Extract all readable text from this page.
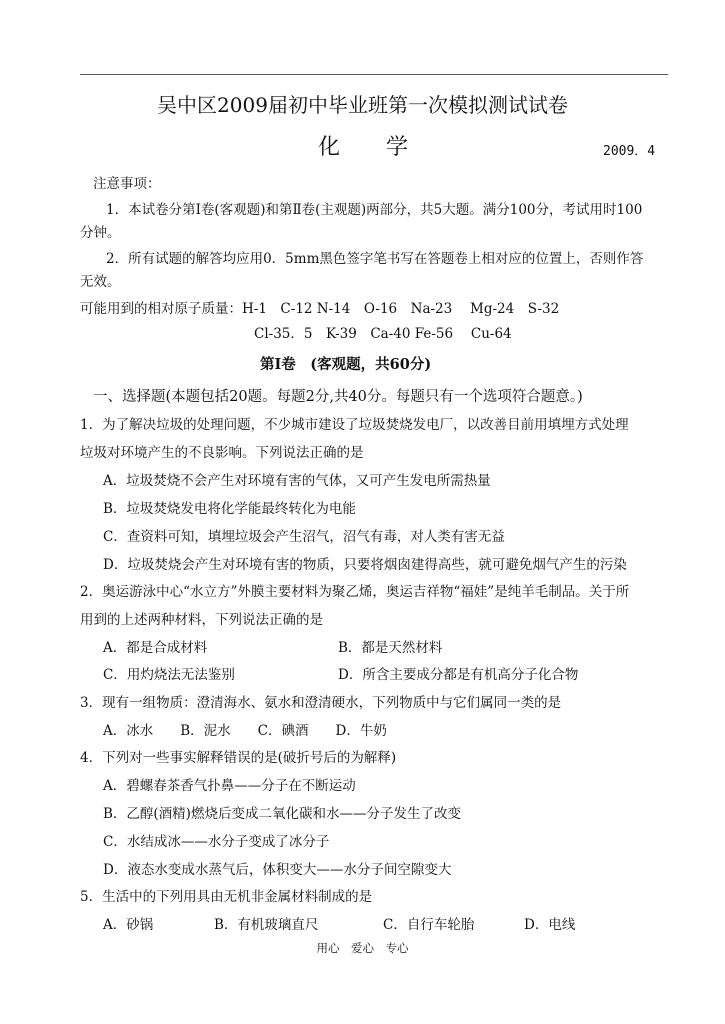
吴中区2009届初中毕业班第一次模拟测试试卷
化学	2009．4
注意事项：
1．本试卷分第Ⅰ卷(客观题)和第Ⅱ卷(主观题)两部分，共5大题。满分100分，考试用时100
分钟。
2．所有试题的解答均应用0．5mm黑色签字笔书写在答题卷上相对应的位置上，否则作答
无效。
可能用到的相对原子质量：H-1　C-12 N-14　O-16　Na-23　 Mg-24　S-32
Cl-35．5　K-39　Ca-40 Fe-56　 Cu-64
第Ⅰ卷　(客观题，共60分)
一、选择题(本题包括20题。每题2分,共40分。每题只有一个选项符合题意。)
1．为了解决垃圾的处理问题，不少城市建设了垃圾焚烧发电厂，以改善目前用填埋方式处理
垃圾对环境产生的不良影响。下列说法正确的是
A．垃圾焚烧不会产生对环境有害的气体，又可产生发电所需热量
B．垃圾焚烧发电将化学能最终转化为电能
C．查资料可知，填埋垃圾会产生沼气，沼气有毒，对人类有害无益
D．垃圾焚烧会产生对环境有害的物质，只要将烟囱建得高些，就可避免烟气产生的污染
2．奥运游泳中心“水立方”外膜主要材料为聚乙烯，奥运吉祥物“福娃”是纯羊毛制品。关于所
用到的上述两种材料，下列说法正确的是
A．都是合成材料	B．都是天然材料
C．用灼烧法无法鉴别	D．所含主要成分都是有机高分子化合物
3．现有一组物质：澄清海水、氨水和澄清硬水，下列物质中与它们属同一类的是
A．冰水　　B．泥水　　C．碘酒　　D．牛奶
4．下列对一些事实解释错误的是(破折号后的为解释)
A．碧螺春茶香气扑鼻——分子在不断运动
B．乙醇(酒精)燃烧后变成二氧化碳和水——分子发生了改变
C．水结成冰——水分子变成了冰分子
D．液态水变成水蒸气后，体积变大——水分子间空隙变大
5．生活中的下列用具由无机非金属材料制成的是
A．砂锅	B．有机玻璃直尺	C．自行车轮胎	D．电线
用心　爱心　专心
